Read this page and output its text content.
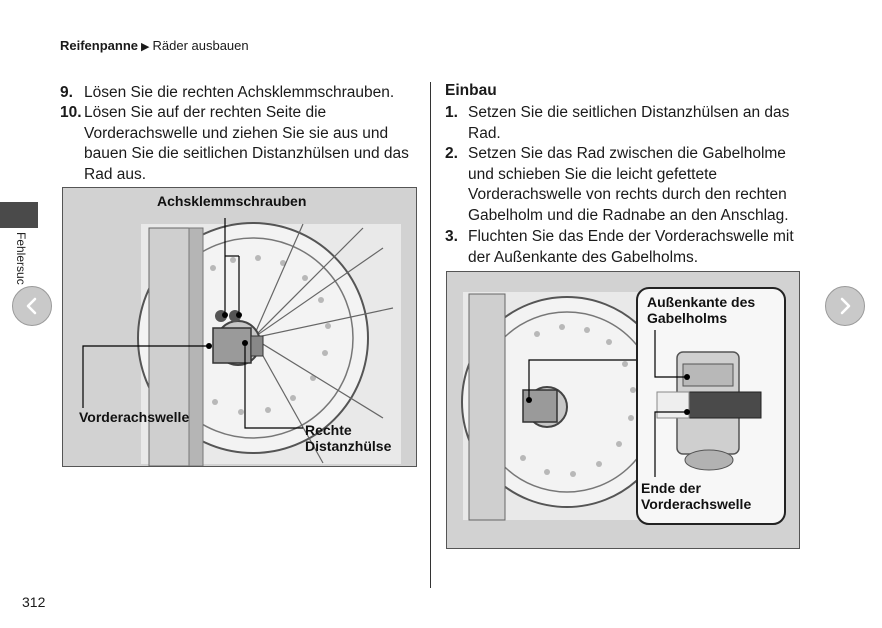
Reifenpanne ▶ Räder ausbauen
Fehlersuc
9. Lösen Sie die rechten Achsklemmschrauben.
10. Lösen Sie auf der rechten Seite die
Vorderachswelle und ziehen Sie sie aus und
bauen Sie die seitlichen Distanzhülsen und das
Rad aus.
Achsklemmschrauben
Vorderachswelle
Rechte
Distanzhülse
Einbau
1. Setzen Sie die seitlichen Distanzhülsen an das
Rad.
2. Setzen Sie das Rad zwischen die Gabelholme
und schieben Sie die leicht gefettete
Vorderachswelle von rechts durch den rechten
Gabelholm und die Radnabe an den Anschlag.
3. Fluchten Sie das Ende der Vorderachswelle mit
der Außenkante des Gabelholms.
Außenkante des
Gabelholms
Ende der
Vorderachswelle
312
